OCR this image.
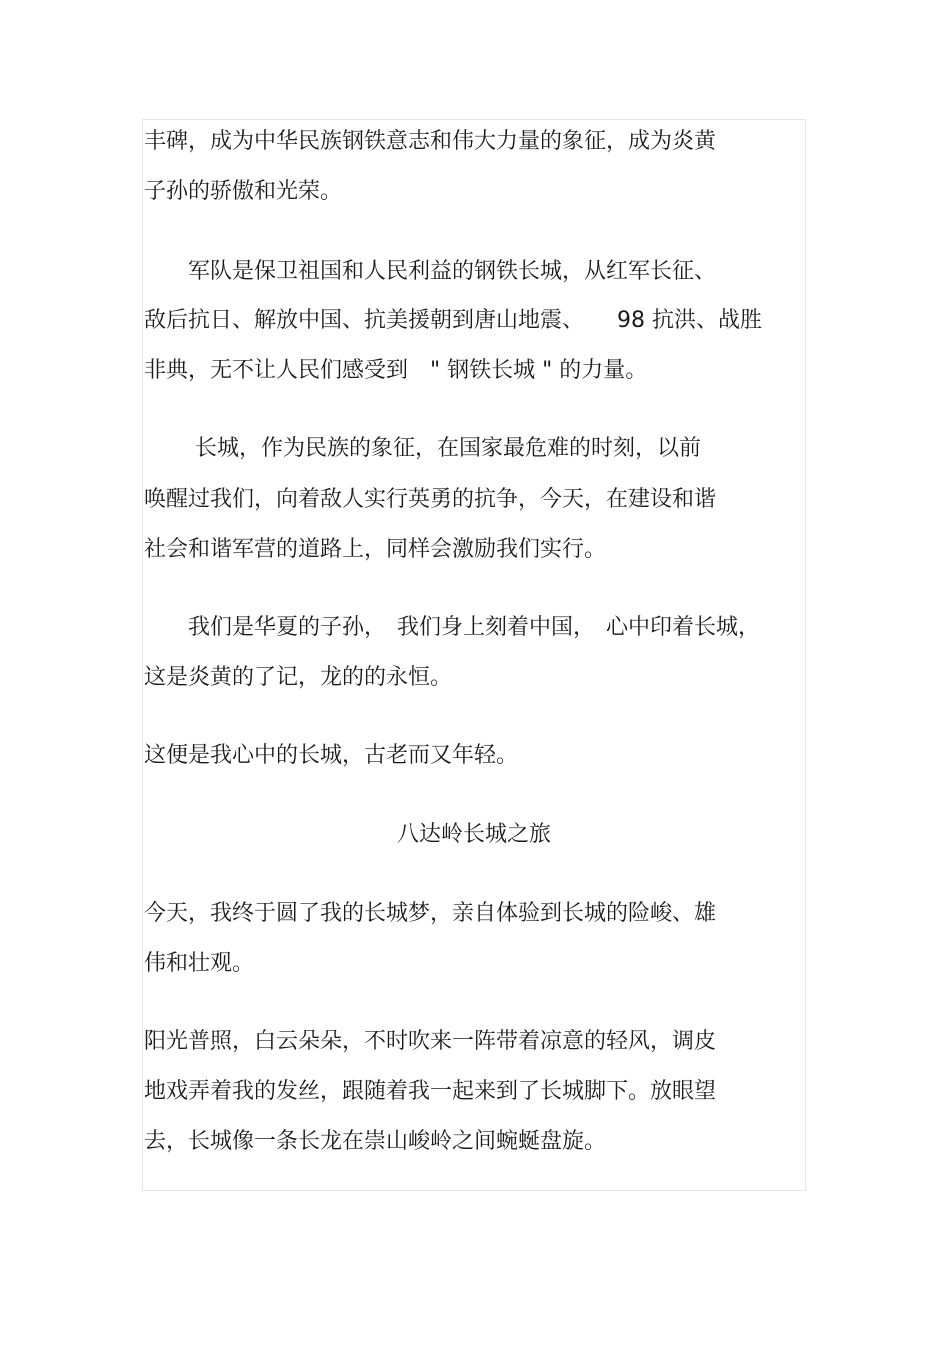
丰碑，成为中华民族钢铁意志和伟大力量的象征，成为炎黄
子孙的骄傲和光荣。
　　军队是保卫祖国和人民利益的钢铁长城，从红军长征、
敌后抗日、解放中国、抗美援朝到唐山地震、　　98 抗洪、战胜
非典，无不让人民们感受到　" 钢铁长城 " 的力量。
　　 长城，作为民族的象征，在国家最危难的时刻，以前
唤醒过我们，向着敌人实行英勇的抗争，今天，在建设和谐
社会和谐军营的道路上，同样会激励我们实行。
　　我们是华夏的子孙，　我们身上刻着中国，　心中印着长城，
这是炎黄的了记，龙的的永恒。
这便是我心中的长城，古老而又年轻。
八达岭长城之旅
今天，我终于圆了我的长城梦，亲自体验到长城的险峻、雄
伟和壮观。
阳光普照，白云朵朵，不时吹来一阵带着凉意的轻风，调皮
地戏弄着我的发丝，跟随着我一起来到了长城脚下。放眼望
去，长城像一条长龙在崇山峻岭之间蜿蜒盘旋。
